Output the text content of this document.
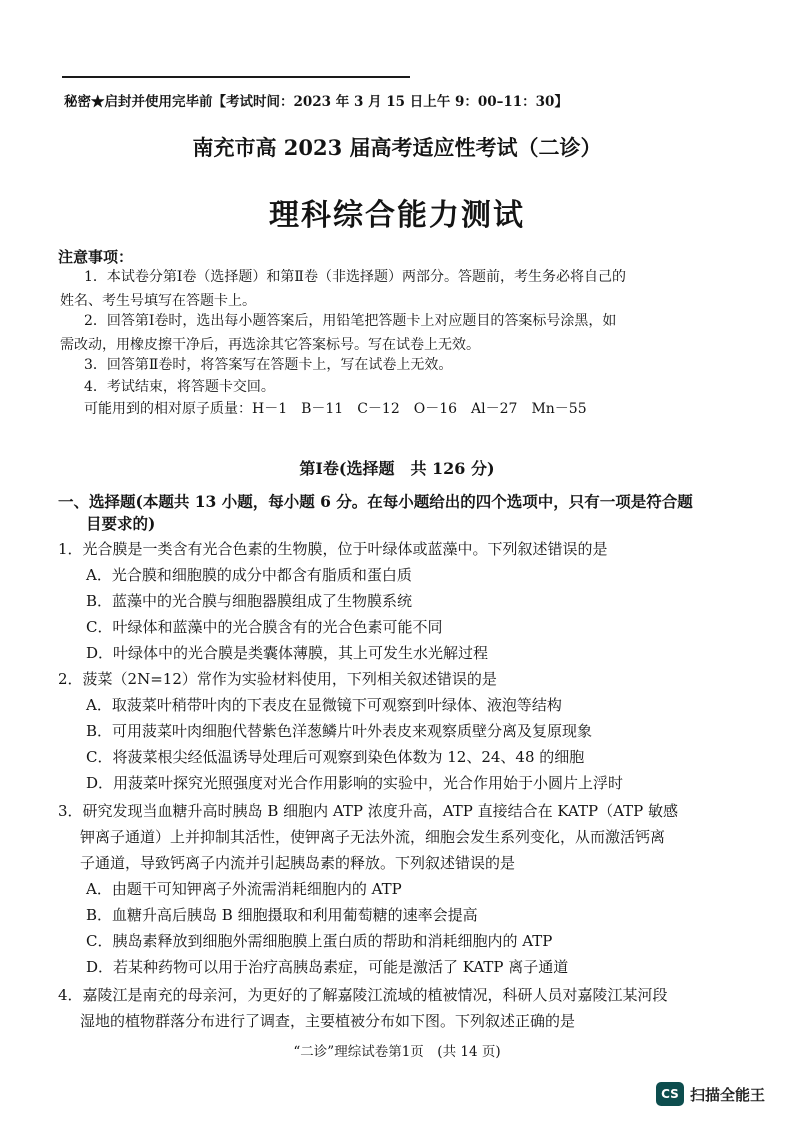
秘密★启封并使用完毕前【考试时间：2023 年 3 月 15 日上午 9：00–11：30】
南充市高 2023 届高考适应性考试（二诊）
理科综合能力测试
注意事项：
1．本试卷分第Ⅰ卷（选择题）和第Ⅱ卷（非选择题）两部分。答题前，考生务必将自己的
姓名、考生号填写在答题卡上。
2．回答第Ⅰ卷时，选出每小题答案后，用铅笔把答题卡上对应题目的答案标号涂黑，如
需改动，用橡皮擦干净后，再选涂其它答案标号。写在试卷上无效。
3．回答第Ⅱ卷时，将答案写在答题卡上，写在试卷上无效。
4．考试结束，将答题卡交回。
可能用到的相对原子质量：H－1　B－11　C－12　O－16　Al－27　Mn－55
第Ⅰ卷(选择题　共 126 分)
一、选择题(本题共 13 小题，每小题 6 分。在每小题给出的四个选项中，只有一项是符合题
目要求的)
1．光合膜是一类含有光合色素的生物膜，位于叶绿体或蓝藻中。下列叙述错误的是
A．光合膜和细胞膜的成分中都含有脂质和蛋白质
B．蓝藻中的光合膜与细胞器膜组成了生物膜系统
C．叶绿体和蓝藻中的光合膜含有的光合色素可能不同
D．叶绿体中的光合膜是类囊体薄膜，其上可发生水光解过程
2．菠菜（2N=12）常作为实验材料使用，下列相关叙述错误的是
A．取菠菜叶稍带叶肉的下表皮在显微镜下可观察到叶绿体、液泡等结构
B．可用菠菜叶肉细胞代替紫色洋葱鳞片叶外表皮来观察质壁分离及复原现象
C．将菠菜根尖经低温诱导处理后可观察到染色体数为 12、24、48 的细胞
D．用菠菜叶探究光照强度对光合作用影响的实验中，光合作用始于小圆片上浮时
3．研究发现当血糖升高时胰岛 B 细胞内 ATP 浓度升高，ATP 直接结合在 KATP（ATP 敏感
钾离子通道）上并抑制其活性，使钾离子无法外流，细胞会发生系列变化，从而激活钙离
子通道，导致钙离子内流并引起胰岛素的释放。下列叙述错误的是
A．由题干可知钾离子外流需消耗细胞内的 ATP
B．血糖升高后胰岛 B 细胞摄取和利用葡萄糖的速率会提高
C．胰岛素释放到细胞外需细胞膜上蛋白质的帮助和消耗细胞内的 ATP
D．若某种药物可以用于治疗高胰岛素症，可能是激活了 KATP 离子通道
4．嘉陵江是南充的母亲河，为更好的了解嘉陵江流域的植被情况，科研人员对嘉陵江某河段
湿地的植物群落分布进行了调查，主要植被分布如下图。下列叙述正确的是
“二诊”理综试卷第1页　(共 14 页)
CS 扫描全能王
